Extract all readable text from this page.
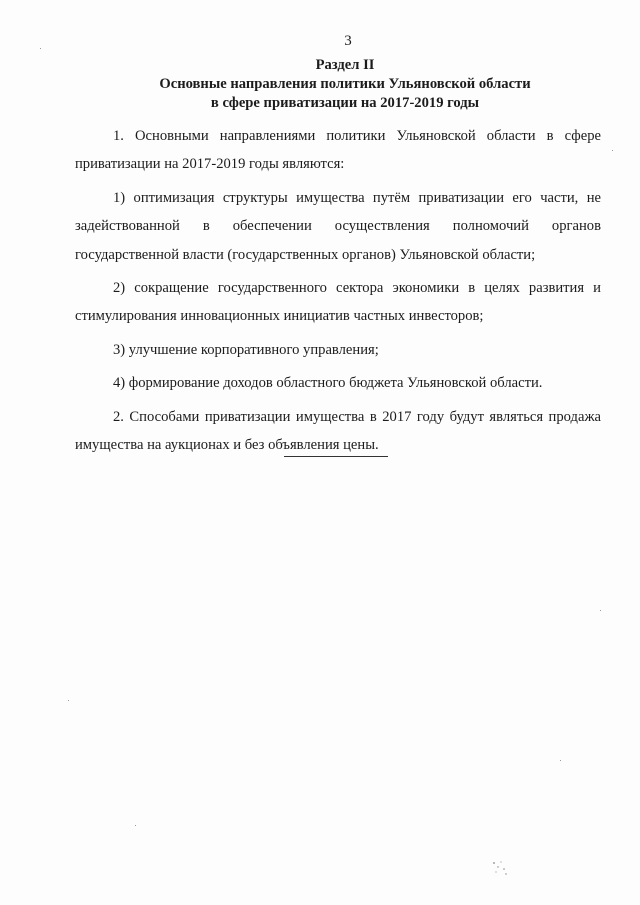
3
Раздел II
Основные направления политики Ульяновской области
в сфере приватизации на 2017-2019 годы

1. Основными направлениями политики Ульяновской области в сфере приватизации на 2017-2019 годы являются:

1) оптимизация структуры имущества путём приватизации его части, не задействованной в обеспечении осуществления полномочий органов государственной власти (государственных органов) Ульяновской области;

2) сокращение государственного сектора экономики в целях развития и стимулирования инновационных инициатив частных инвесторов;

3) улучшение корпоративного управления;

4) формирование доходов областного бюджета Ульяновской области.

2. Способами приватизации имущества в 2017 году будут являться продажа имущества на аукционах и без объявления цены.
